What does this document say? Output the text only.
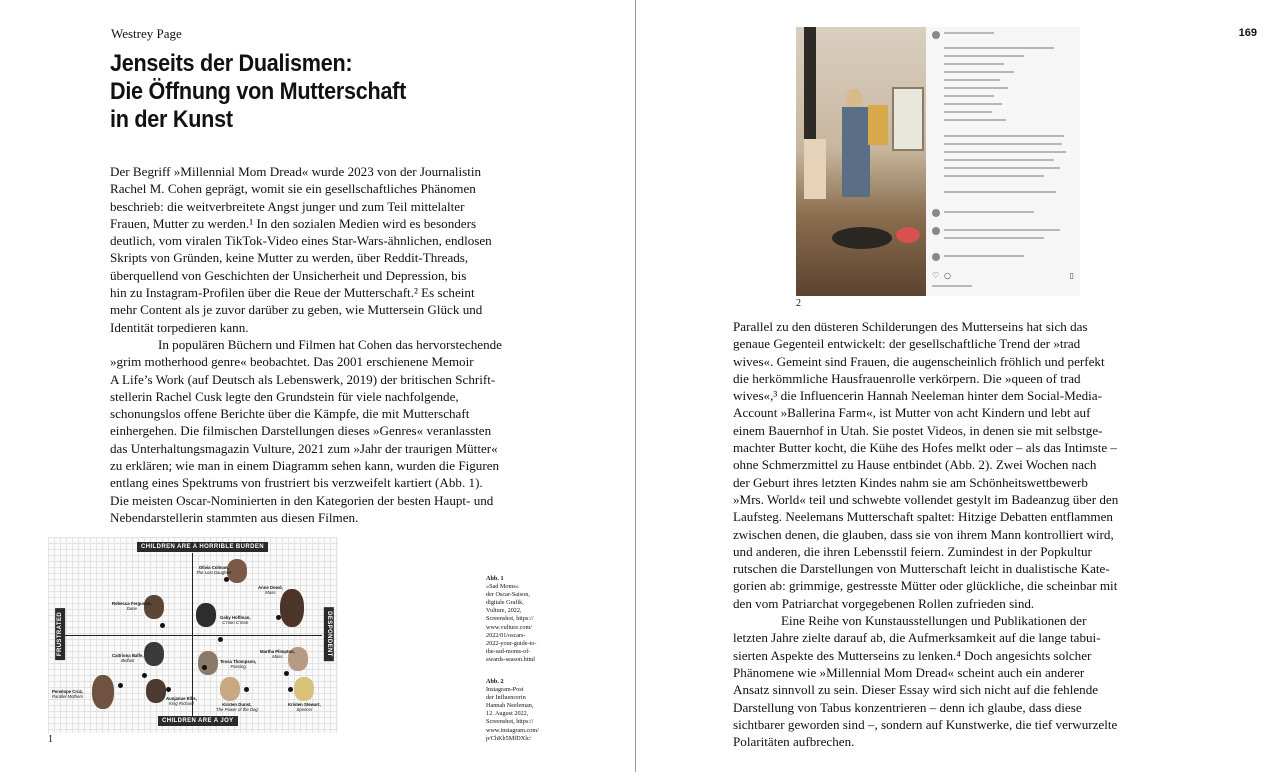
Westrey Page
Jenseits der Dualismen:
Die Öffnung von Mutterschaft
in der Kunst
Der Begriff »Millennial Mom Dread« wurde 2023 von der Journalistin
Rachel M. Cohen geprägt, womit sie ein gesellschaftliches Phänomen
beschrieb: die weitverbreitete Angst junger und zum Teil mittelalter
Frauen, Mutter zu werden.¹ In den sozialen Medien wird es besonders
deutlich, vom viralen TikTok-Video eines Star-Wars-ähnlichen, endlosen
Skripts von Gründen, keine Mutter zu werden, über Reddit-Threads,
überquellend von Geschichten der Unsicherheit und Depression, bis
hin zu Instagram-Profilen über die Reue der Mutterschaft.² Es scheint
mehr Content als je zuvor darüber zu geben, wie Muttersein Glück und
Identität torpedieren kann.
In populären Büchern und Filmen hat Cohen das hervorstechende
»grim motherhood genre« beobachtet. Das 2001 erschienene Memoir
A Life’s Work (auf Deutsch als Lebenswerk, 2019) der britischen Schrift-
stellerin Rachel Cusk legte den Grundstein für viele nachfolgende,
schonungslos offene Berichte über die Kämpfe, die mit Mutterschaft
einhergehen. Die filmischen Darstellungen dieses »Genres« veranlassten
das Unterhaltungsmagazin Vulture, 2021 zum »Jahr der traurigen Mütter«
zu erklären; wie man in einem Diagramm sehen kann, wurden die Figuren
entlang eines Spektrums von frustriert bis verzweifelt kartiert (Abb. 1).
Die meisten Oscar-Nominierten in den Kategorien der besten Haupt- und
Nebendarstellerin stammten aus diesen Filmen.
CHILDREN ARE A HORRIBLE BURDEN
CHILDREN ARE A JOY
FRUSTRATED	DESPONDENT
Olivia Colman,
The Lost Daughter
Anne Dowd,
Mass
Rebecca Ferguson,
Dune
Gaby Hoffman,
C’mon C’mon
Caitriona Balfe,
Belfast	Tessa Thompson,
Passing
Martha Plimpton,
Mass
Penelope Cruz,
Parallel Mothers	Aunjanue Ellis,
King Richard	Kirsten Dunst,
The Power of the Dog
Kristen Stewart,
Spencer
1
Abb. 1
»Sad Moms«
der Oscar-Saison,
digitale Grafik,
Vulture, 2022,
Screenshot, https://
www.vulture.com/
2022/01/oscars-
2022-your-guide-to-
the-sad-moms-of-
awards-season.html
Abb. 2
Instagram-Post
der Influencerin
Hannah Neeleman,
12. August 2022,
Screenshot, https://
www.instagram.com/
p/ChKh5MfDXlc/
169
♡ ○	▯
2
Parallel zu den düsteren Schilderungen des Mutterseins hat sich das
genaue Gegenteil entwickelt: der gesellschaftliche Trend der »trad
wives«. Gemeint sind Frauen, die augenscheinlich fröhlich und perfekt
die herkömmliche Hausfrauenrolle verkörpern. Die »queen of trad
wives«,³ die Influencerin Hannah Neeleman hinter dem Social-Media-
Account »Ballerina Farm«, ist Mutter von acht Kindern und lebt auf
einem Bauernhof in Utah. Sie postet Videos, in denen sie mit selbstge-
machter Butter kocht, die Kühe des Hofes melkt oder – als das Intimste –
ohne Schmerzmittel zu Hause entbindet (Abb. 2). Zwei Wochen nach
der Geburt ihres letzten Kindes nahm sie am Schönheitswettbewerb
»Mrs. World« teil und schwebte vollendet gestylt im Badeanzug über den
Laufsteg. Neelemans Mutterschaft spaltet: Hitzige Debatten entflammen
zwischen denen, die glauben, dass sie von ihrem Mann kontrolliert wird,
und anderen, die ihren Lebensstil feiern. Zumindest in der Popkultur
rutschen die Darstellungen von Mutterschaft leicht in dualistische Kate-
gorien ab: grimmige, gestresste Mütter oder glückliche, die scheinbar mit
den vom Patriarchat vorgegebenen Rollen zufrieden sind.
Eine Reihe von Kunstausstellungen und Publikationen der
letzten Jahre zielte darauf ab, die Aufmerksamkeit auf die lange tabui-
sierten Aspekte des Mutterseins zu lenken.⁴ Doch angesichts solcher
Phänomene wie »Millennial Mom Dread« scheint auch ein anderer
Ansatz sinnvoll zu sein. Dieser Essay wird sich nicht auf die fehlende
Darstellung von Tabus konzentrieren – denn ich glaube, dass diese
sichtbarer geworden sind –, sondern auf Kunstwerke, die tief verwurzelte
Polaritäten aufbrechen.
